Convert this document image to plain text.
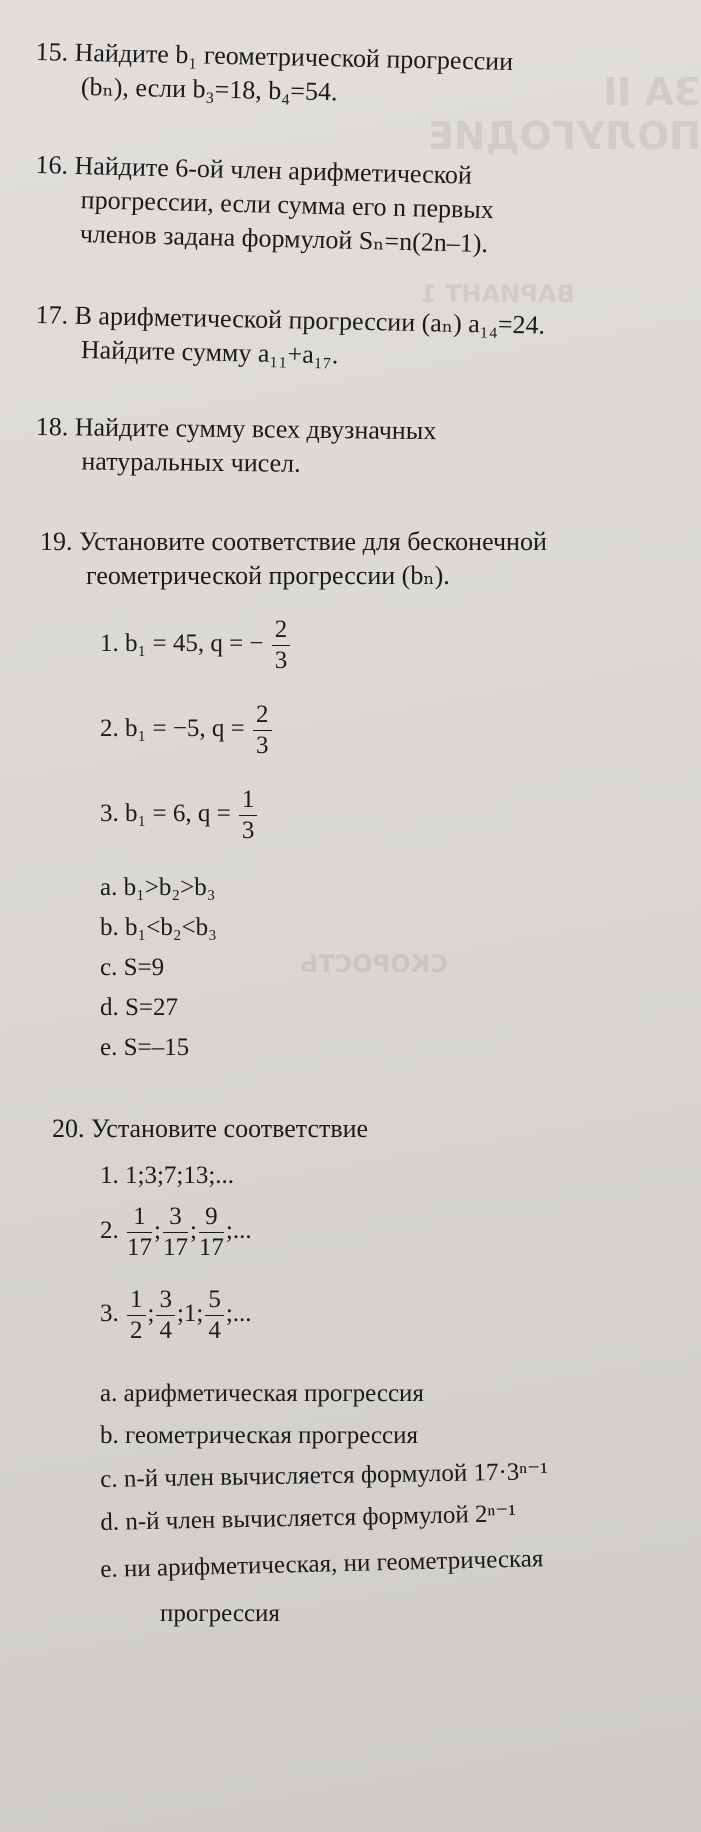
ЗА II ПОЛУГОДИЕ
ВАРИАНТ 1
СКОРОСТЬ
15. Найдите b₁ геометрической прогрессии
(bₙ), если b₃=18, b₄=54.
16. Найдите 6-ой член арифметической
прогрессии, если сумма его n первых
членов задана формулой Sₙ=n(2n–1).
17. В арифметической прогрессии (aₙ) a₁₄=24.
Найдите сумму a₁₁+a₁₇.
18. Найдите сумму всех двузначных
натуральных чисел.
19. Установите соответствие для бесконечной
геометрической прогрессии (bₙ).
1. b₁ = 45, q = − $\frac{2}{3}$
2. b₁ = −5, $q = \frac{2}{3}$
3. b₁ = 6, $q = \frac{1}{3}$
a. b₁>b₂>b₃
b. b₁<b₂<b₃
c. S=9
d. S=27
e. S=–15
20. Установите соответствие
1. 1;3;7;13;...
2. $\frac{1}{17}$ ; $\frac{3}{17}$ ; $\frac{9}{17}$ ;...
3. $\frac{1}{2}$ ; $\frac{3}{4}$ ;1; $\frac{5}{4}$ ;...
a. арифметическая прогрессия
b. геометрическая прогрессия
c. n-й член вычисляется формулой 17·3ⁿ⁻¹
d. n-й член вычисляется формулой 2ⁿ⁻¹
e. ни арифметическая, ни геометрическая
прогрессия
